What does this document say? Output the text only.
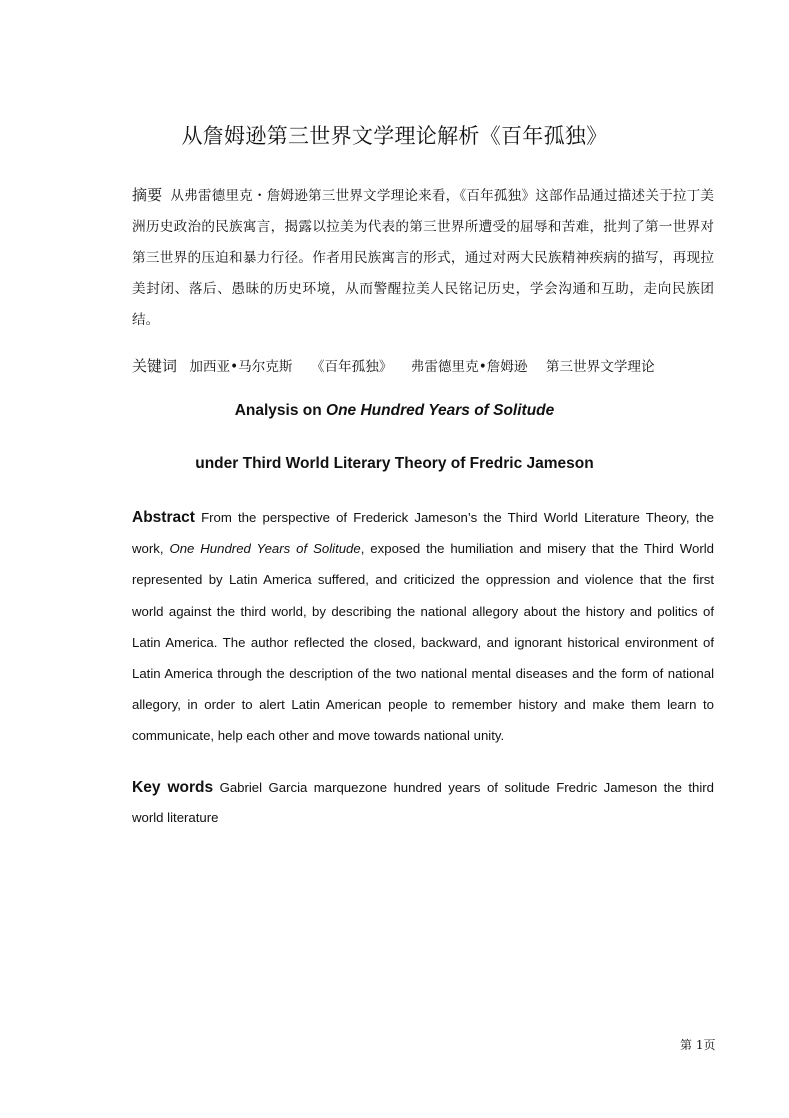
从詹姆逊第三世界文学理论解析《百年孤独》
摘要 从弗雷德里克・詹姆逊第三世界文学理论来看，《百年孤独》这部作品通过描述关于拉丁美洲历史政治的民族寓言，揭露以拉美为代表的第三世界所遭受的屈辱和苦难，批判了第一世界对第三世界的压迫和暴力行径。作者用民族寓言的形式，通过对两大民族精神疾病的描写，再现拉美封闭、落后、愚昧的历史环境，从而警醒拉美人民铭记历史，学会沟通和互助，走向民族团结。
关键词 加西亚•马尔克斯 《百年孤独》 弗雷德里克•詹姆逊 第三世界文学理论
Analysis on One Hundred Years of Solitude
under Third World Literary Theory of Fredric Jameson
Abstract From the perspective of Frederick Jameson’s the Third World Literature Theory, the work, One Hundred Years of Solitude, exposed the humiliation and misery that the Third World represented by Latin America suffered, and criticized the oppression and violence that the first world against the third world, by describing the national allegory about the history and politics of Latin America. The author reflected the closed, backward, and ignorant historical environment of Latin America through the description of the two national mental diseases and the form of national allegory, in order to alert Latin American people to remember history and make them learn to communicate, help each other and move towards national unity.
Key words Gabriel Garcia marquezone hundred years of solitude Fredric Jameson the third world literature
第 1页
